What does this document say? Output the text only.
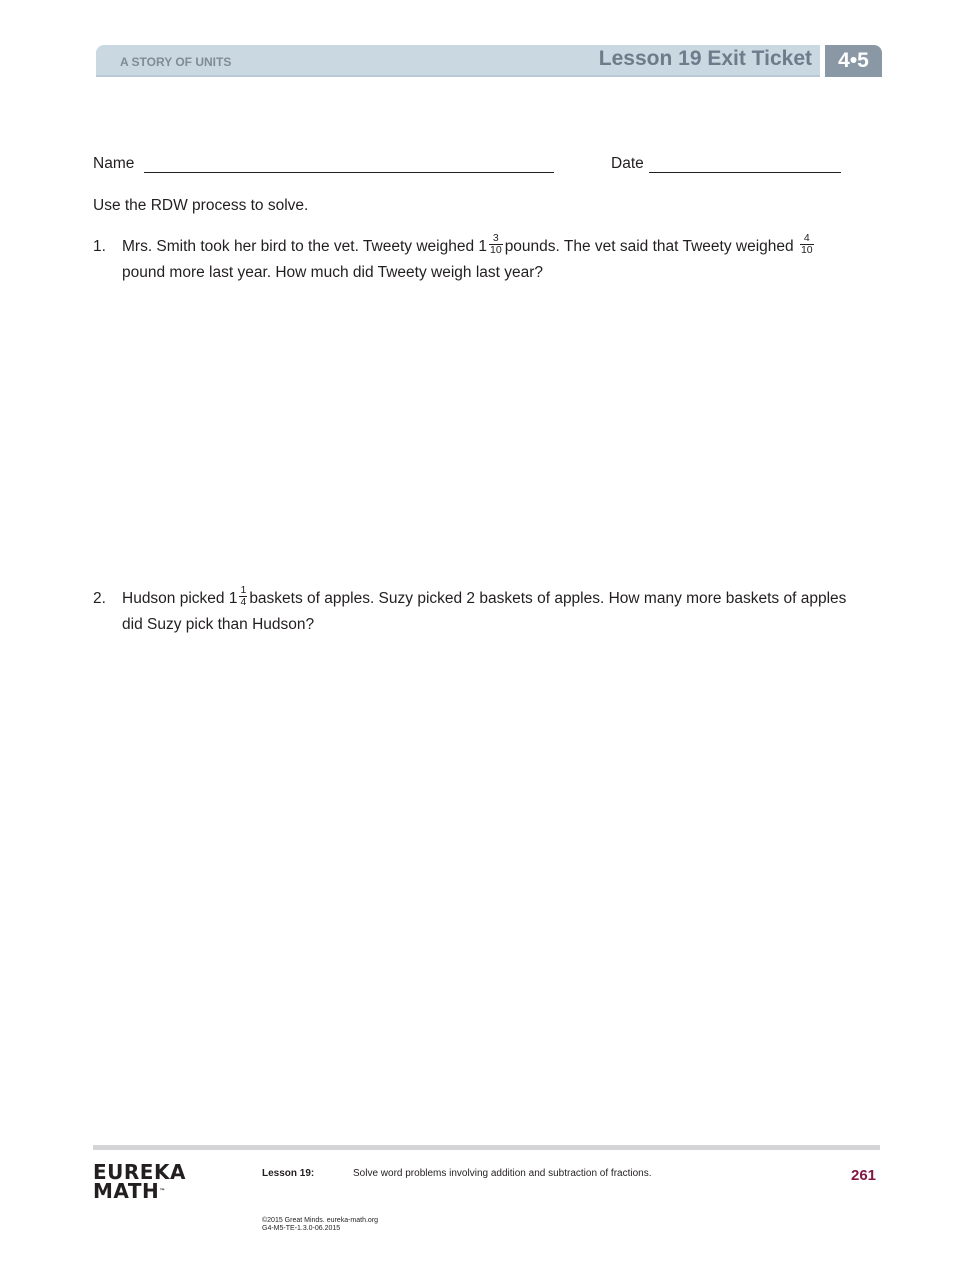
A STORY OF UNITS	Lesson 19 Exit Ticket	4•5
Name	Date
Use the RDW process to solve.
1. Mrs. Smith took her bird to the vet. Tweety weighed $1 \frac{3}{10}$ pounds. The vet said that Tweety weighed $\frac{4}{10}$
pound more last year. How much did Tweety weigh last year?
2. Hudson picked $1 \frac{1}{4}$ baskets of apples. Suzy picked 2 baskets of apples. How many more baskets of apples
did Suzy pick than Hudson?
EUREKA
MATH™
Lesson 19:	Solve word problems involving addition and subtraction of fractions.	261
©2015 Great Minds. eureka-math.org
G4-M5-TE-1.3.0-06.2015
